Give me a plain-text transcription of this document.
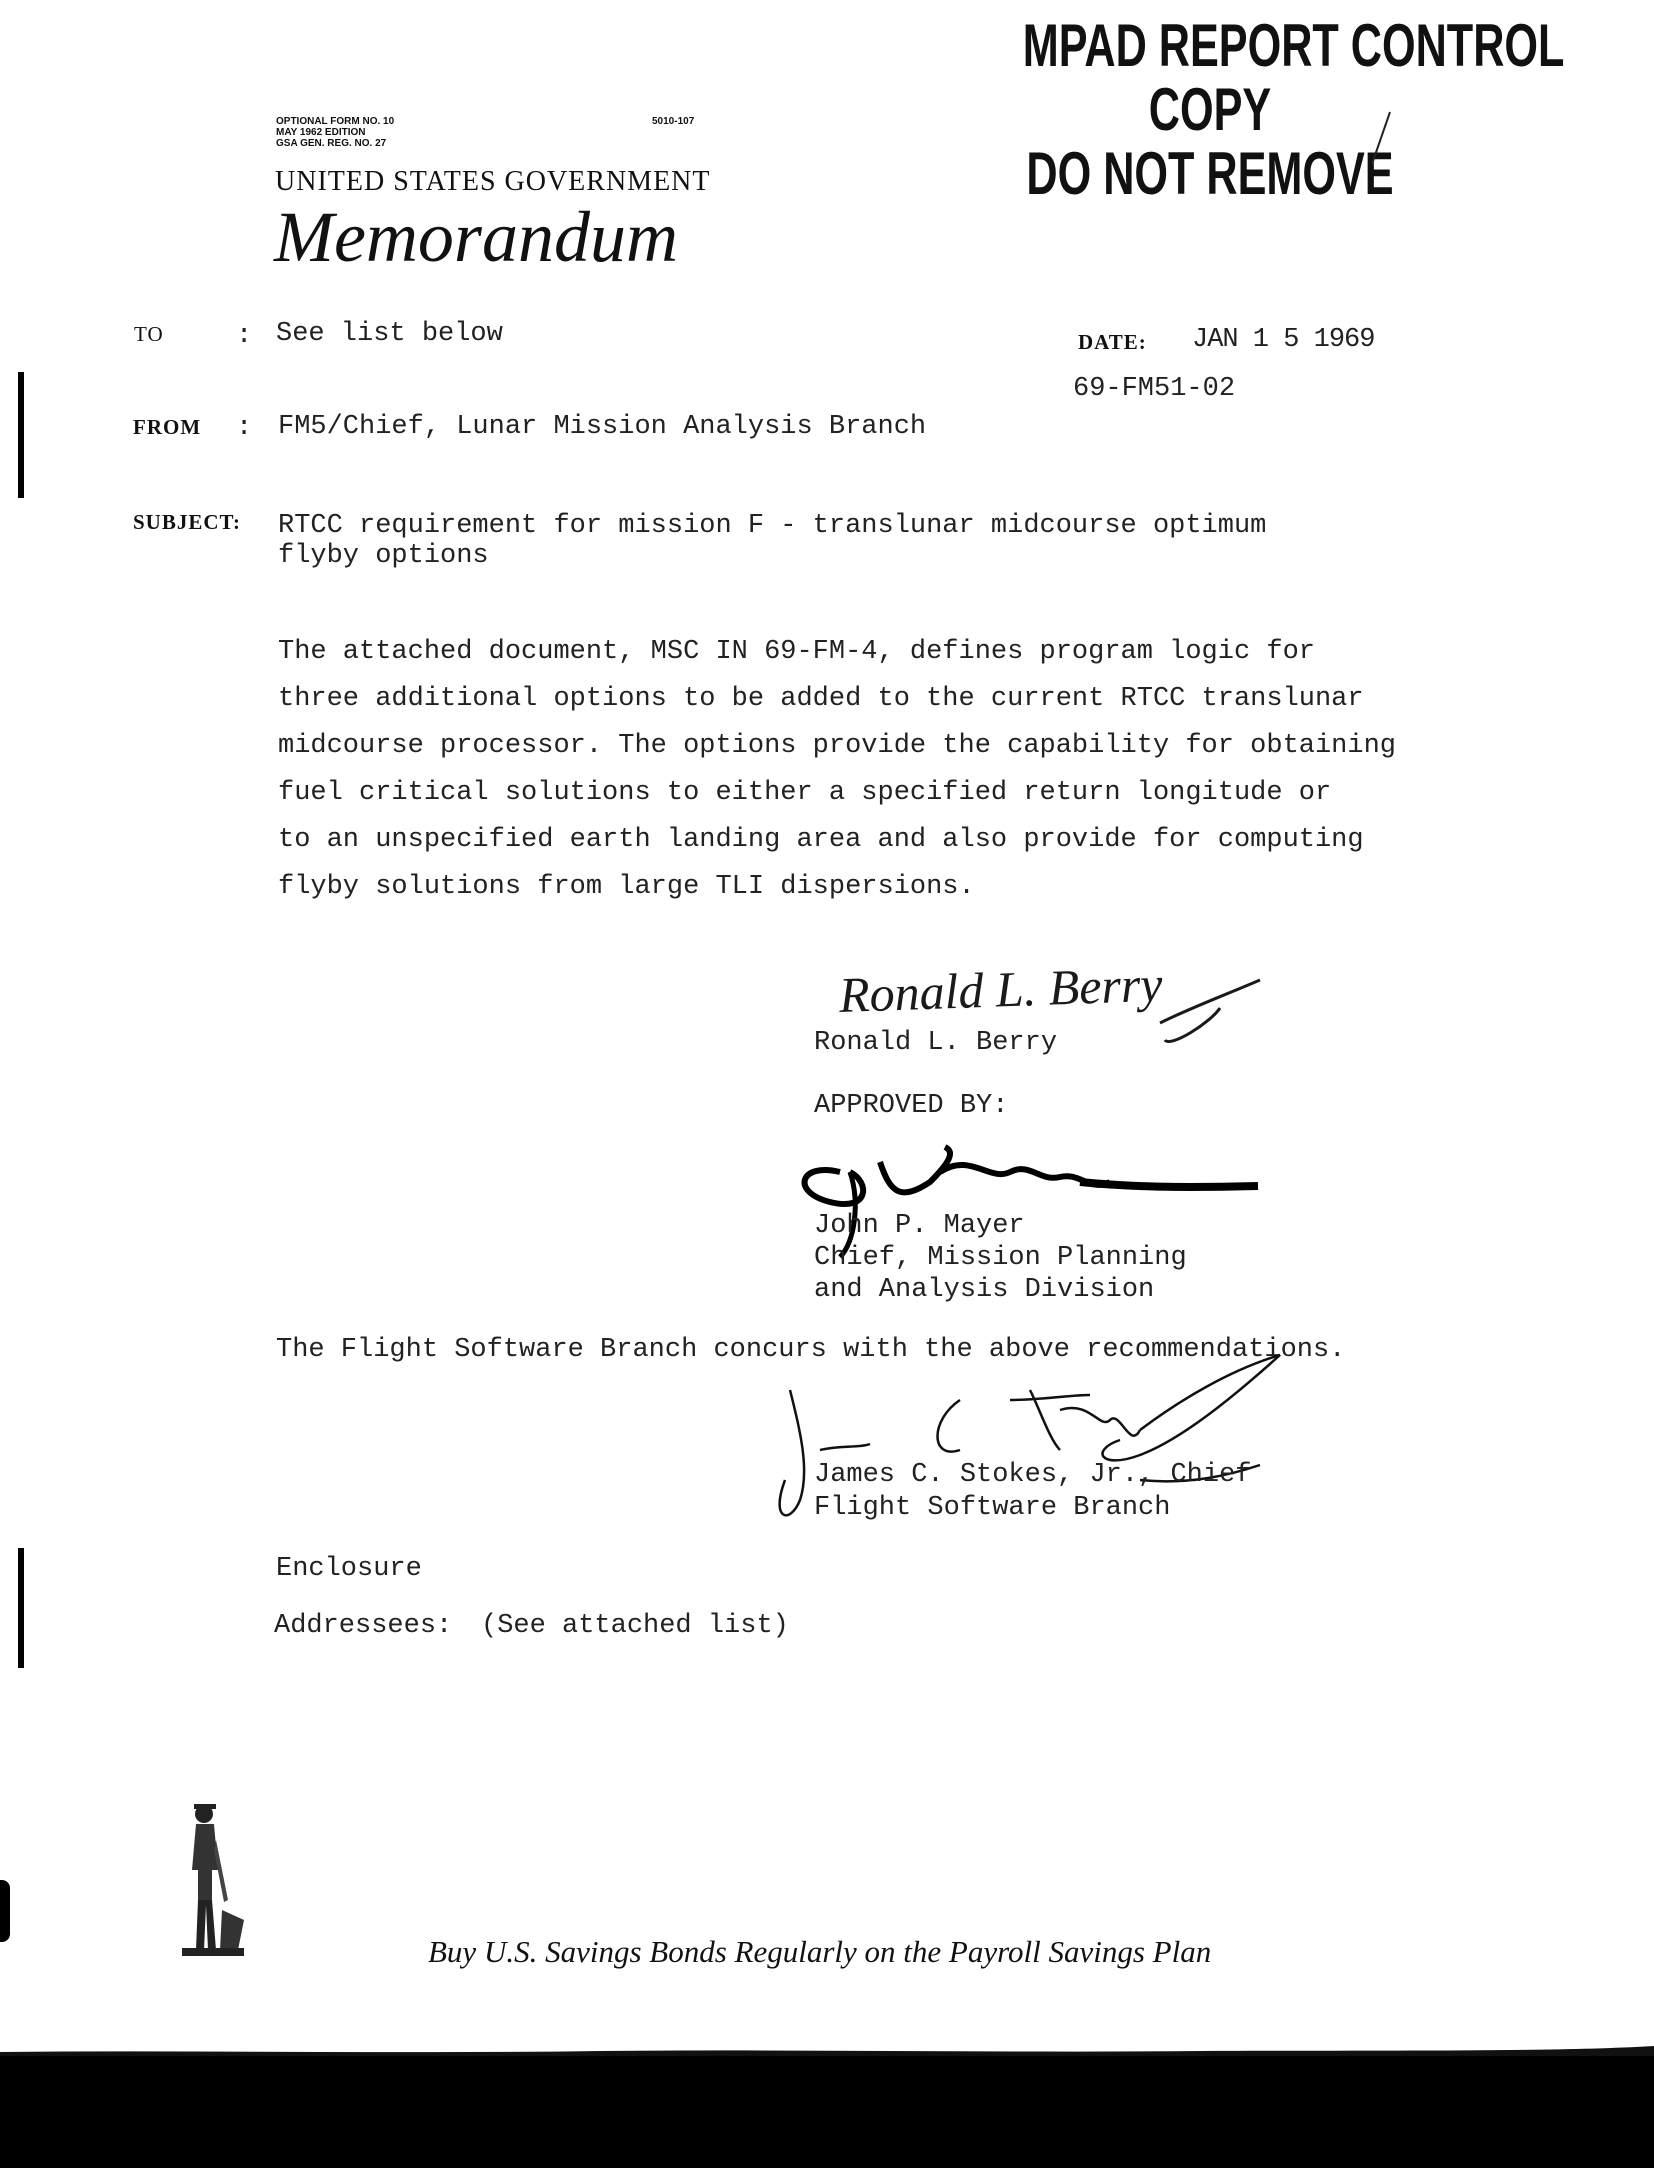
OPTIONAL FORM NO. 10
MAY 1962 EDITION
GSA GEN. REG. NO. 27
5010-107
UNITED STATES GOVERNMENT
Memorandum
MPAD REPORT CONTROL
COPY
DO NOT REMOVE
TO	: See list below	DATE: JAN 1 5 1969
69-FM51-02
FROM : FM5/Chief, Lunar Mission Analysis Branch
SUBJECT: RTCC requirement for mission F - translunar midcourse optimum
flyby options
The attached document, MSC IN 69-FM-4, defines program logic for
three additional options to be added to the current RTCC translunar
midcourse processor. The options provide the capability for obtaining
fuel critical solutions to either a specified return longitude or
to an unspecified earth landing area and also provide for computing
flyby solutions from large TLI dispersions.
Ronald L. Berry
Ronald L. Berry
APPROVED BY:
John P. Mayer
Chief, Mission Planning
and Analysis Division
The Flight Software Branch concurs with the above recommendations.
James C. Stokes, Jr., Chief
Flight Software Branch
Enclosure
Addressees: (See attached list)
Buy U.S. Savings Bonds Regularly on the Payroll Savings Plan
